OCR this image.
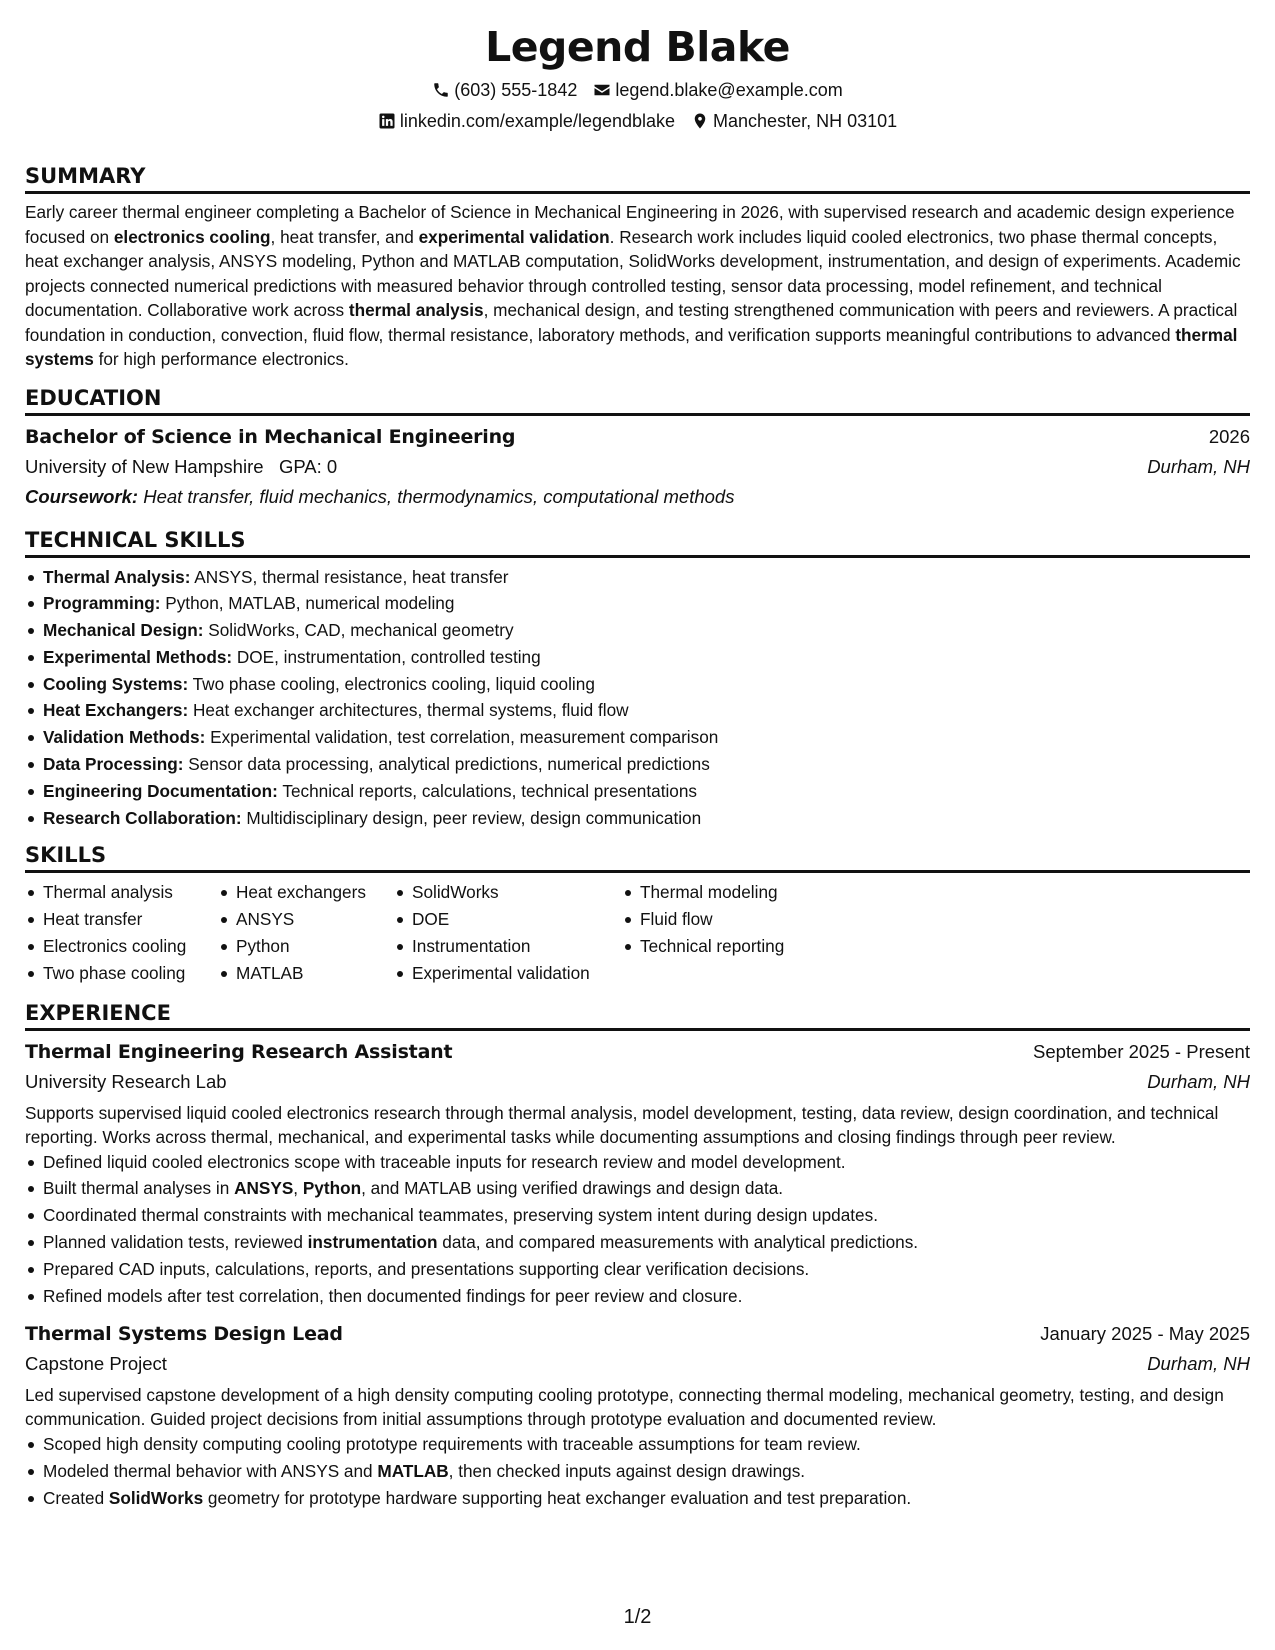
Legend Blake
(603) 555-1842 legend.blake@example.com
linkedin.com/example/legendblake Manchester, NH 03101
SUMMARY

Early career thermal engineer completing a Bachelor of Science in Mechanical Engineering in 2026, with supervised research and academic design experience focused on electronics cooling, heat transfer, and experimental validation. Research work includes liquid cooled electronics, two phase thermal concepts, heat exchanger analysis, ANSYS modeling, Python and MATLAB computation, SolidWorks development, instrumentation, and design of experiments. Academic projects connected numerical predictions with measured behavior through controlled testing, sensor data processing, model refinement, and technical documentation. Collaborative work across thermal analysis, mechanical design, and testing strengthened communication with peers and reviewers. A practical foundation in conduction, convection, fluid flow, thermal resistance, laboratory methods, and verification supports meaningful contributions to advanced thermal systems for high performance electronics.

EDUCATION
Bachelor of Science in Mechanical Engineering	2026
University of New Hampshire GPA: 0	Durham, NH
Coursework: Heat transfer, fluid mechanics, thermodynamics, computational methods
TECHNICAL SKILLS
Thermal Analysis: ANSYS, thermal resistance, heat transfer
Programming: Python, MATLAB, numerical modeling
Mechanical Design: SolidWorks, CAD, mechanical geometry
Experimental Methods: DOE, instrumentation, controlled testing
Cooling Systems: Two phase cooling, electronics cooling, liquid cooling
Heat Exchangers: Heat exchanger architectures, thermal systems, fluid flow
Validation Methods: Experimental validation, test correlation, measurement comparison
Data Processing: Sensor data processing, analytical predictions, numerical predictions
Engineering Documentation: Technical reports, calculations, technical presentations
Research Collaboration: Multidisciplinary design, peer review, design communication
SKILLS
Thermal analysis
Heat transfer
Electronics cooling
Two phase cooling
Heat exchangers
ANSYS
Python
MATLAB
SolidWorks
DOE
Instrumentation
Experimental validation
Thermal modeling
Fluid flow
Technical reporting
EXPERIENCE
Thermal Engineering Research Assistant	September 2025 - Present
University Research Lab	Durham, NH

Supports supervised liquid cooled electronics research through thermal analysis, model development, testing, data review, design coordination, and technical reporting. Works across thermal, mechanical, and experimental tasks while documenting assumptions and closing findings through peer review.

Defined liquid cooled electronics scope with traceable inputs for research review and model development.
Built thermal analyses in ANSYS, Python, and MATLAB using verified drawings and design data.
Coordinated thermal constraints with mechanical teammates, preserving system intent during design updates.
Planned validation tests, reviewed instrumentation data, and compared measurements with analytical predictions.
Prepared CAD inputs, calculations, reports, and presentations supporting clear verification decisions.
Refined models after test correlation, then documented findings for peer review and closure.
Thermal Systems Design Lead	January 2025 - May 2025
Capstone Project	Durham, NH

Led supervised capstone development of a high density computing cooling prototype, connecting thermal modeling, mechanical geometry, testing, and design communication. Guided project decisions from initial assumptions through prototype evaluation and documented review.

Scoped high density computing cooling prototype requirements with traceable assumptions for team review.
Modeled thermal behavior with ANSYS and MATLAB, then checked inputs against design drawings.
Created SolidWorks geometry for prototype hardware supporting heat exchanger evaluation and test preparation.
1/2
